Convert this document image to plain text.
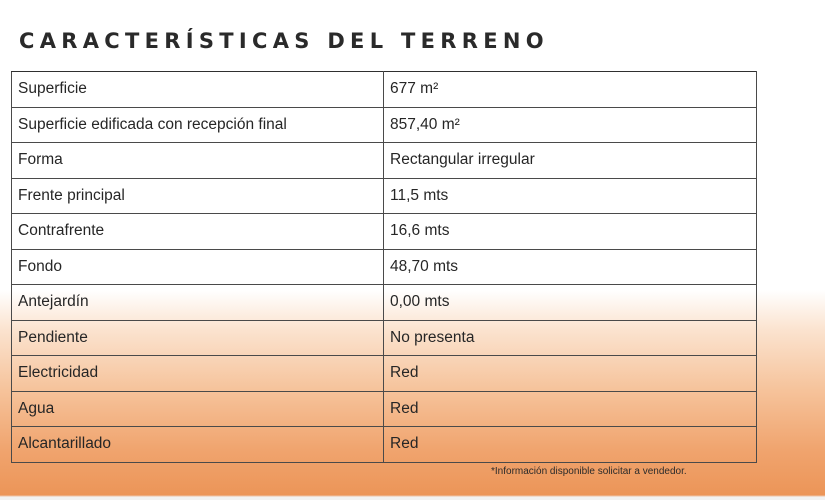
CARACTERÍSTICAS DEL TERRENO
Superficie	677 m²
Superficie edificada con recepción final	857,40 m²
Forma	Rectangular irregular
Frente principal	11,5 mts
Contrafrente	16,6 mts
Fondo	48,70 mts
Antejardín	0,00 mts
Pendiente	No presenta
Electricidad	Red
Agua	Red
Alcantarillado	Red
*Información disponible solicitar a vendedor.
